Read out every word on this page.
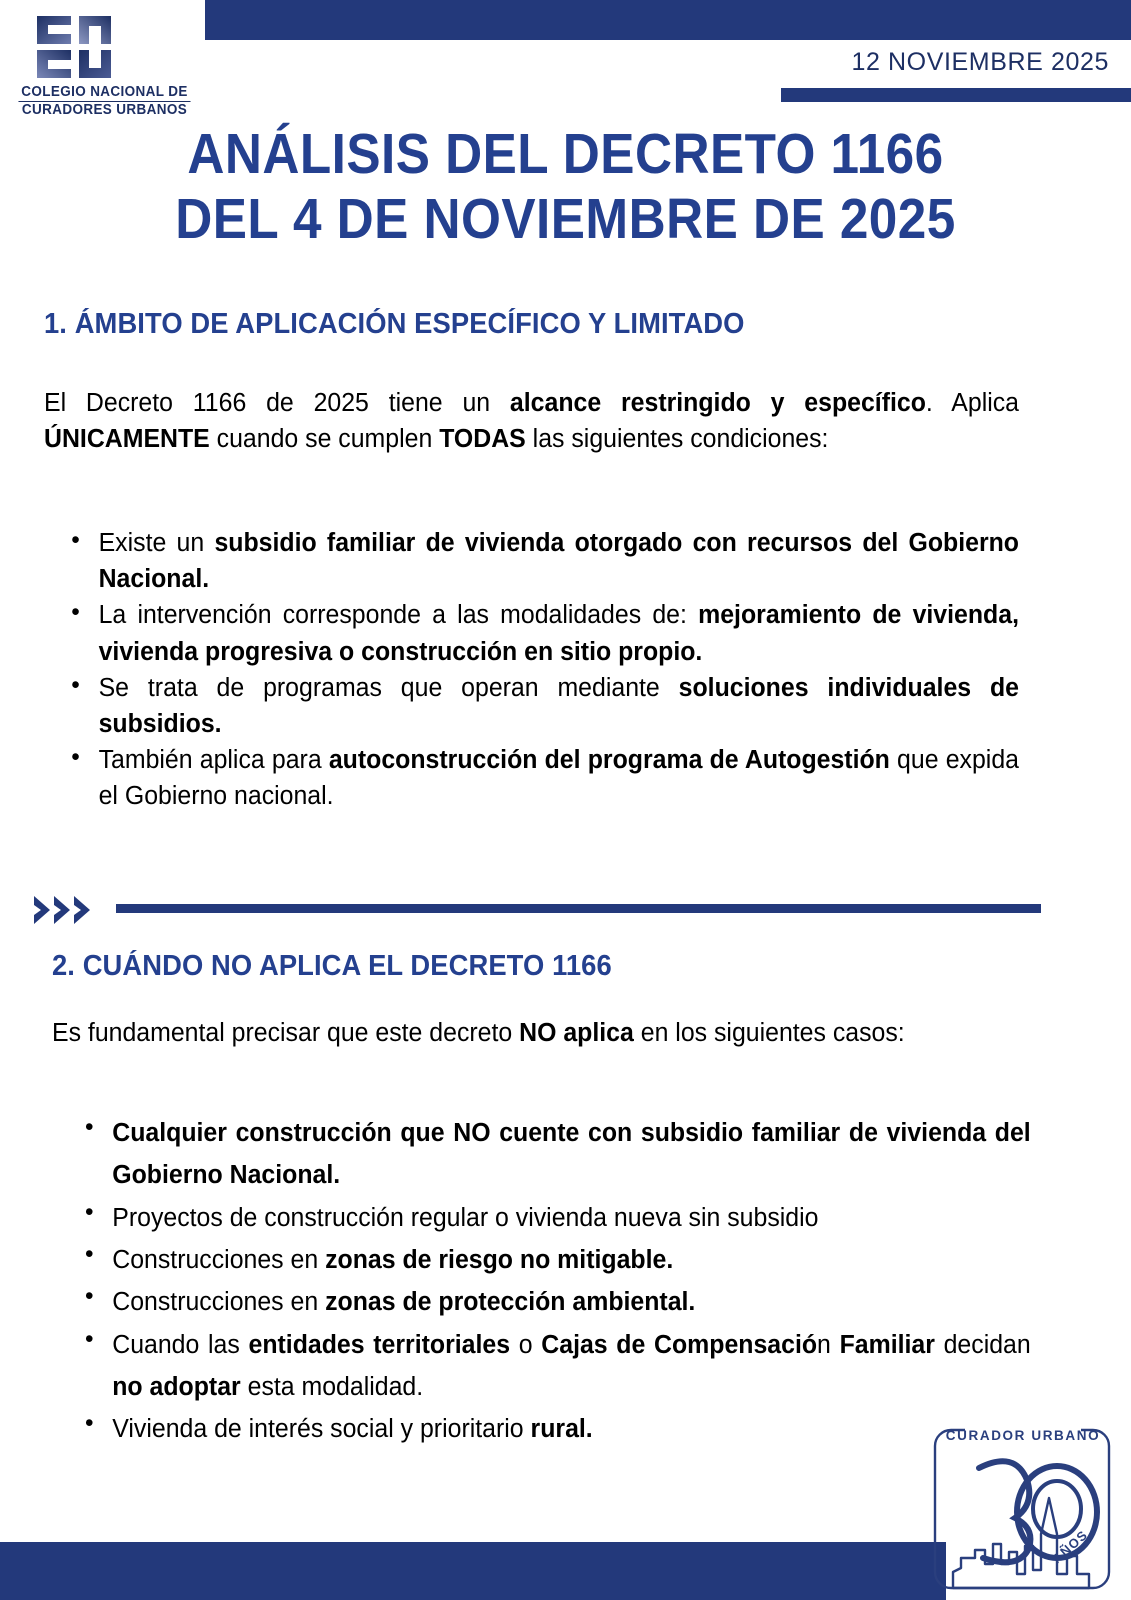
COLEGIO NACIONAL DE
CURADORES URBANOS
12 NOVIEMBRE 2025
ANÁLISIS DEL DECRETO 1166
DEL 4 DE NOVIEMBRE DE 2025
1. ÁMBITO DE APLICACIÓN ESPECÍFICO Y LIMITADO
El Decreto 1166 de 2025 tiene un alcance restringido y específico. Aplica ÚNICAMENTE cuando se cumplen TODAS las siguientes condiciones:
• Existe un subsidio familiar de vivienda otorgado con recursos del Gobierno Nacional.
• La intervención corresponde a las modalidades de: mejoramiento de vivienda, vivienda progresiva o construcción en sitio propio.
• Se trata de programas que operan mediante soluciones individuales de subsidios.
• También aplica para autoconstrucción del programa de Autogestión que expida el Gobierno nacional.
2. CUÁNDO NO APLICA EL DECRETO 1166
Es fundamental precisar que este decreto NO aplica en los siguientes casos:
• Cualquier construcción que NO cuente con subsidio familiar de vivienda del Gobierno Nacional.
• Proyectos de construcción regular o vivienda nueva sin subsidio
• Construcciones en zonas de riesgo no mitigable.
• Construcciones en zonas de protección ambiental.
• Cuando las entidades territoriales o Cajas de Compensación Familiar decidan no adoptar esta modalidad.
• Vivienda de interés social y prioritario rural.	CURADOR URBANO
AÑOS
